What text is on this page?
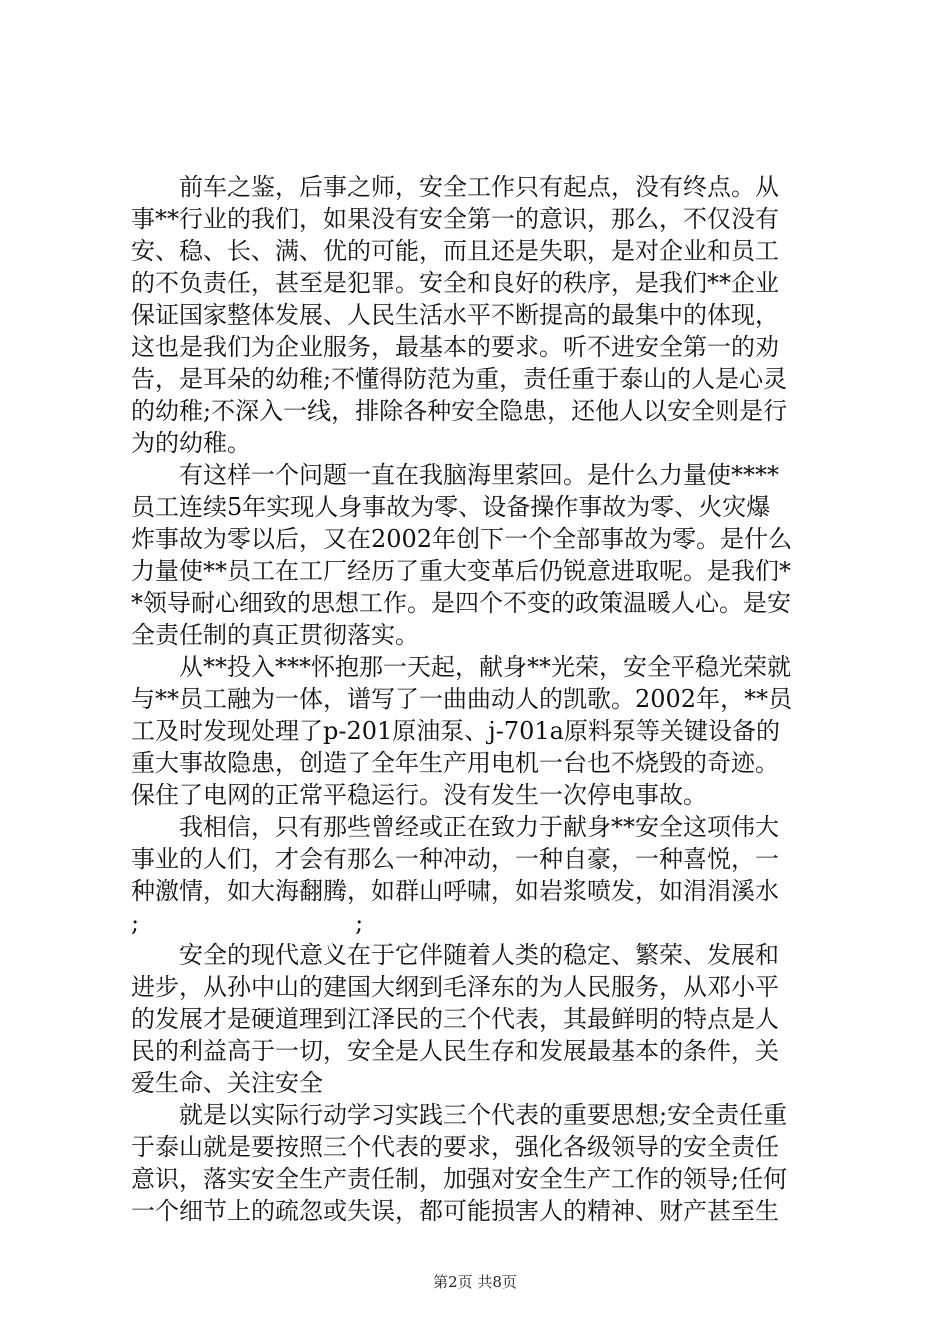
　　前车之鉴，后事之师，安全工作只有起点，没有终点。从
事**行业的我们，如果没有安全第一的意识，那么，不仅没有
安、稳、长、满、优的可能，而且还是失职，是对企业和员工
的不负责任，甚至是犯罪。安全和良好的秩序，是我们**企业
保证国家整体发展、人民生活水平不断提高的最集中的体现，
这也是我们为企业服务，最基本的要求。听不进安全第一的劝
告，是耳朵的幼稚;不懂得防范为重，责任重于泰山的人是心灵
的幼稚;不深入一线，排除各种安全隐患，还他人以安全则是行
为的幼稚。
　　有这样一个问题一直在我脑海里萦回。是什么力量使****
员工连续5年实现人身事故为零、设备操作事故为零、火灾爆
炸事故为零以后，又在2002年创下一个全部事故为零。是什么
力量使**员工在工厂经历了重大变革后仍锐意进取呢。是我们*
*领导耐心细致的思想工作。是四个不变的政策温暖人心。是安
全责任制的真正贯彻落实。
　　从**投入***怀抱那一天起，献身**光荣，安全平稳光荣就
与**员工融为一体，谱写了一曲曲动人的凯歌。2002年，**员
工及时发现处理了p-201原油泵、j-701a原料泵等关键设备的
重大事故隐患，创造了全年生产用电机一台也不烧毁的奇迹。
保住了电网的正常平稳运行。没有发生一次停电事故。
　　我相信，只有那些曾经或正在致力于献身**安全这项伟大
事业的人们，才会有那么一种冲动，一种自豪，一种喜悦，一
种激情，如大海翻腾，如群山呼啸，如岩浆喷发，如涓涓溪水
;　　　　　　　　　;
　　安全的现代意义在于它伴随着人类的稳定、繁荣、发展和
进步，从孙中山的建国大纲到毛泽东的为人民服务，从邓小平
的发展才是硬道理到江泽民的三个代表，其最鲜明的特点是人
民的利益高于一切，安全是人民生存和发展最基本的条件，关
爱生命、关注安全
　　就是以实际行动学习实践三个代表的重要思想;安全责任重
于泰山就是要按照三个代表的要求，强化各级领导的安全责任
意识，落实安全生产责任制，加强对安全生产工作的领导;任何
一个细节上的疏忽或失误，都可能损害人的精神、财产甚至生
第2页 共8页
